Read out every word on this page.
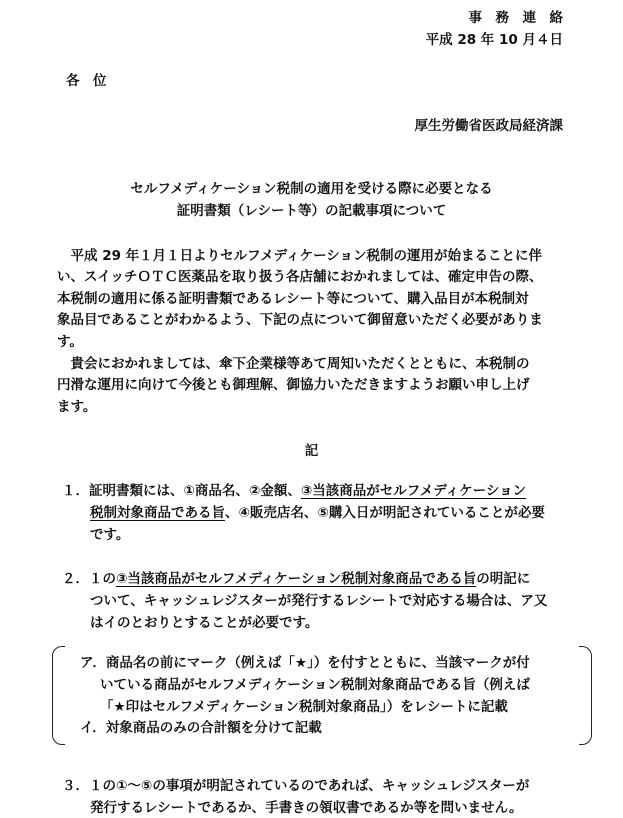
事　務　連　絡
平成 28 年 10 月４日
各　位
厚生労働省医政局経済課
セルフメディケーション税制の適用を受ける際に必要となる
証明書類（レシート等）の記載事項について
　平成 29 年１月１日よりセルフメディケーション税制の運用が始まることに伴
い、スイッチＯＴＣ医薬品を取り扱う各店舗におかれましては、確定申告の際、
本税制の適用に係る証明書類であるレシート等について、購入品目が本税制対
象品目であることがわかるよう、下記の点について御留意いただく必要がありま
す。
　貴会におかれましては、傘下企業様等あて周知いただくとともに、本税制の
円滑な運用に向けて今後とも御理解、御協力いただきますようお願い申し上げ
ます。
記
１．証明書類には、①商品名、②金額、③当該商品がセルフメディケーション
税制対象商品である旨、④販売店名、⑤購入日が明記されていることが必要
です。
２．１の③当該商品がセルフメディケーション税制対象商品である旨の明記に
ついて、キャッシュレジスターが発行するレシートで対応する場合は、ア又
はイのとおりとすることが必要です。
ア．商品名の前にマーク（例えば「★」）を付すとともに、当該マークが付
いている商品がセルフメディケーション税制対象商品である旨（例えば
「★印はセルフメディケーション税制対象商品」）をレシートに記載
イ．対象商品のみの合計額を分けて記載
３．１の①～⑤の事項が明記されているのであれば、キャッシュレジスターが
発行するレシートであるか、手書きの領収書であるか等を問いません。
